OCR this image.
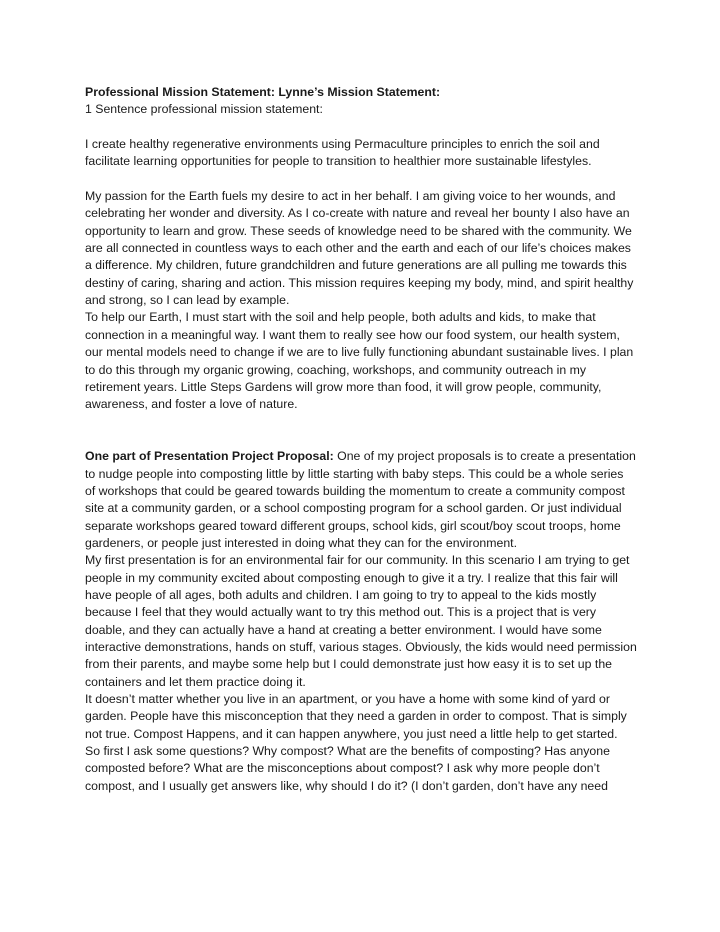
Professional Mission Statement: Lynne’s Mission Statement:

1 Sentence professional mission statement:

I create healthy regenerative environments using Permaculture principles to enrich the soil and facilitate learning opportunities for people to transition to healthier more sustainable lifestyles.

My passion for the Earth fuels my desire to act in her behalf. I am giving voice to her wounds, and celebrating her wonder and diversity. As I co-create with nature and reveal her bounty I also have an opportunity to learn and grow. These seeds of knowledge need to be shared with the community. We are all connected in countless ways to each other and the earth and each of our life’s choices makes a difference. My children, future grandchildren and future generations are all pulling me towards this destiny of caring, sharing and action. This mission requires keeping my body, mind, and spirit healthy and strong, so I can lead by example.

To help our Earth, I must start with the soil and help people, both adults and kids, to make that connection in a meaningful way. I want them to really see how our food system, our health system, our mental models need to change if we are to live fully functioning abundant sustainable lives. I plan to do this through my organic growing, coaching, workshops, and community outreach in my retirement years. Little Steps Gardens will grow more than food, it will grow people, community, awareness, and foster a love of nature.

One part of Presentation Project Proposal: One of my project proposals is to create a presentation to nudge people into composting little by little starting with baby steps. This could be a whole series of workshops that could be geared towards building the momentum to create a community compost site at a community garden, or a school composting program for a school garden. Or just individual separate workshops geared toward different groups, school kids, girl scout/boy scout troops, home gardeners, or people just interested in doing what they can for the environment.

My first presentation is for an environmental fair for our community. In this scenario I am trying to get people in my community excited about composting enough to give it a try. I realize that this fair will have people of all ages, both adults and children. I am going to try to appeal to the kids mostly because I feel that they would actually want to try this method out. This is a project that is very doable, and they can actually have a hand at creating a better environment. I would have some interactive demonstrations, hands on stuff, various stages. Obviously, the kids would need permission from their parents, and maybe some help but I could demonstrate just how easy it is to set up the containers and let them practice doing it.

It doesn’t matter whether you live in an apartment, or you have a home with some kind of yard or garden. People have this misconception that they need a garden in order to compost. That is simply not true. Compost Happens, and it can happen anywhere, you just need a little help to get started.

So first I ask some questions? Why compost? What are the benefits of composting? Has anyone composted before? What are the misconceptions about compost? I ask why more people don’t compost, and I usually get answers like, why should I do it? (I don’t garden, don’t have any need
